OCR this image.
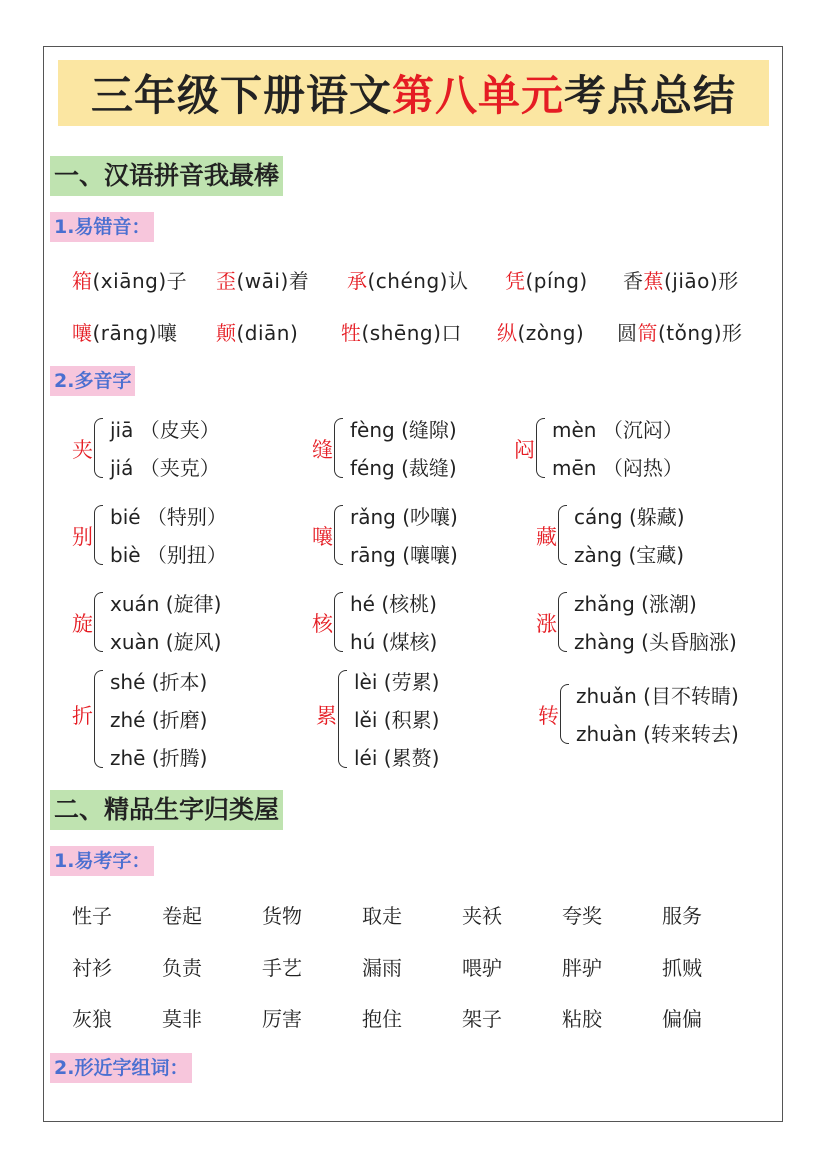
三年级下册语文 第八单元 考点总结
一、汉语拼音我最棒
1.易错音：
箱(xiāng)子 歪(wāi)着 承(chéng)认 凭(píng) 香蕉(jiāo)形
嚷(rāng)嚷 颠(diān) 牲(shēng)口 纵(zòng) 圆筒(tǒng)形
2.多音字
夹
jiā （皮夹）
jiá （夹克）
缝
fèng (缝隙)
féng (裁缝)
闷
mèn （沉闷）
mēn （闷热）
别
bié （特别）
biè （别扭）
嚷
rǎng (吵嚷)
rāng (嚷嚷)
藏
cáng (躲藏)
zàng (宝藏)
旋
xuán (旋律)
xuàn (旋风)
核
hé (核桃)
hú (煤核)
涨
zhǎng (涨潮)
zhàng (头昏脑涨)
折
shé (折本)
zhé (折磨)
zhē (折腾)
累
lèi (劳累)
lěi (积累)
léi (累赘)
转
zhuǎn (目不转睛)
zhuàn (转来转去)
二、精品生字归类屋
1.易考字：
性子	卷起	货物	取走	夹袄	夸奖	服务
衬衫	负责	手艺	漏雨	喂驴	胖驴	抓贼
灰狼	莫非	厉害	抱住	架子	粘胶	偏偏
2.形近字组词：
